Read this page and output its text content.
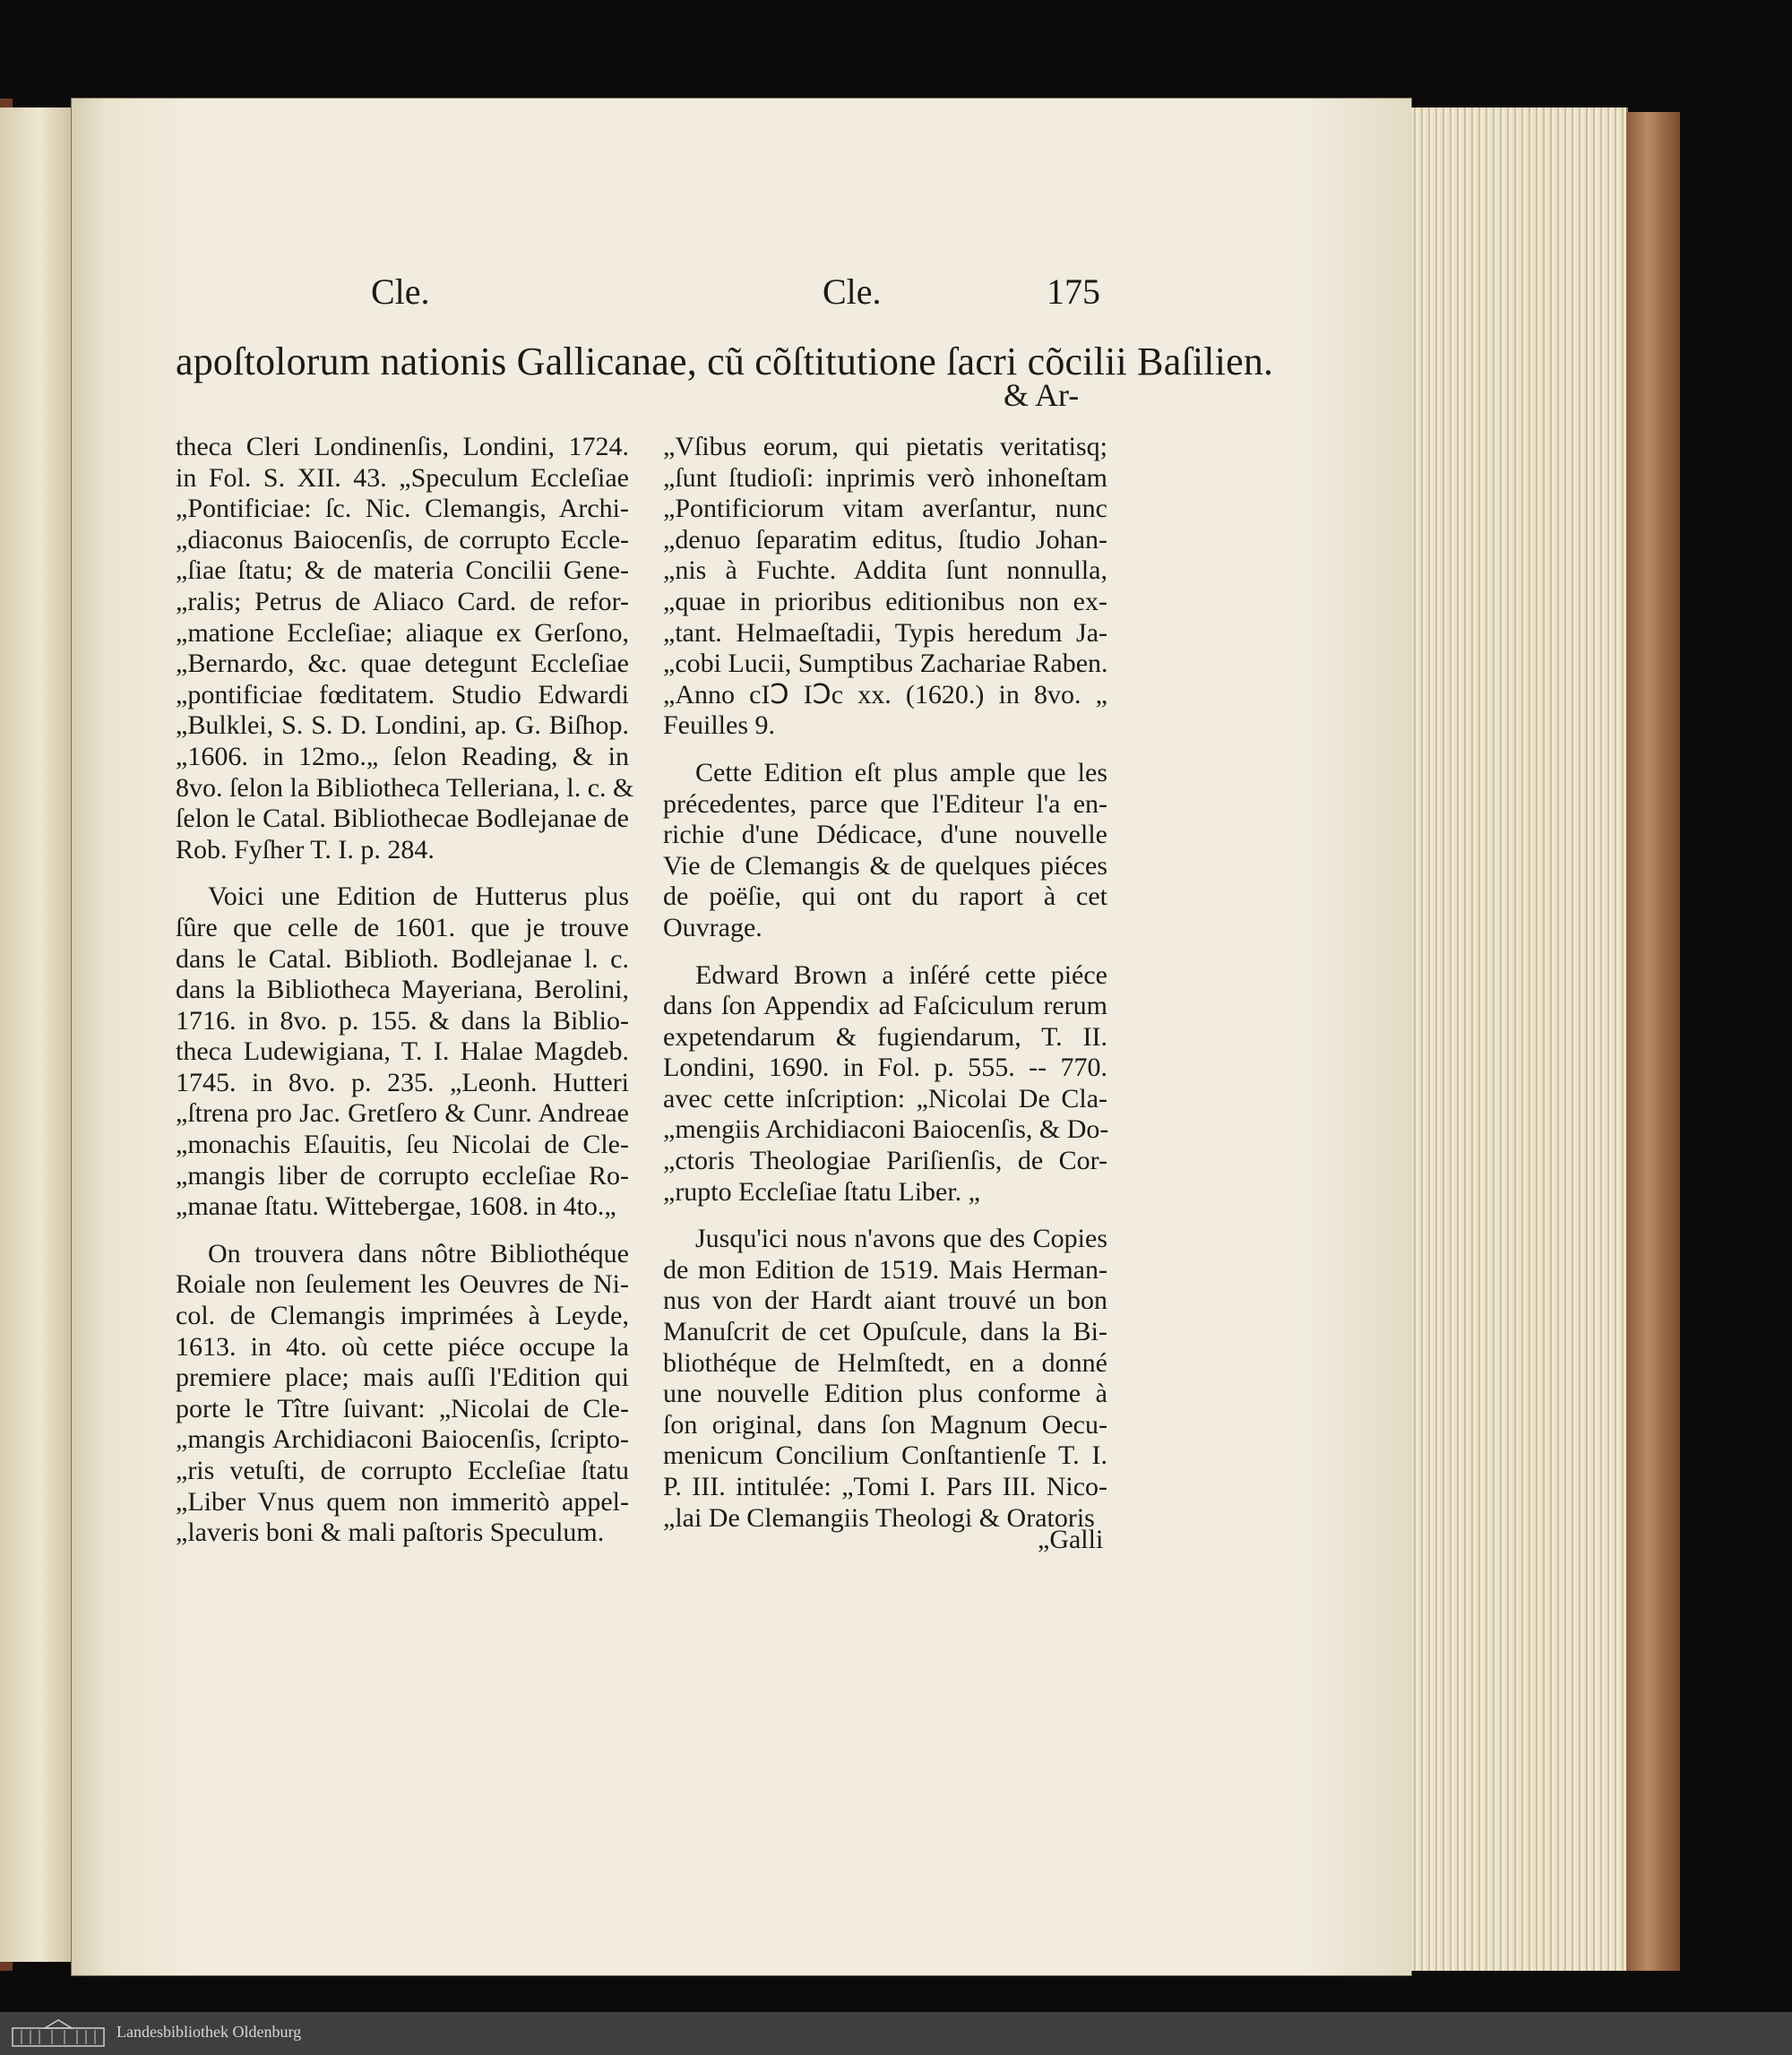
Cle.	Cle.	175
apoſtolorum nationis Gallicanae, cũ cõſtitutione ſacri cõcilii Baſilien.
& Ar-
theca Cleri Londinenſis, Londini, 1724.
in Fol. S. XII. 43. „Speculum Eccleſiae
„Pontificiae: ſc. Nic. Clemangis, Archi-
„diaconus Baiocenſis, de corrupto Eccle-
„ſiae ſtatu; & de materia Concilii Gene-
„ralis; Petrus de Aliaco Card. de refor-
„matione Eccleſiae; aliaque ex Gerſono,
„Bernardo, &c. quae detegunt Eccleſiae
„pontificiae fœditatem. Studio Edwardi
„Bulklei, S. S. D. Londini, ap. G. Biſhop.
„1606. in 12mo.„ ſelon Reading, & in
8vo. ſelon la Bibliotheca Telleriana, l. c. &
ſelon le Catal. Bibliothecae Bodlejanae de
Rob. Fyſher T. I. p. 284.
Voici une Edition de Hutterus plus
ſûre que celle de 1601. que je trouve
dans le Catal. Biblioth. Bodlejanae l. c.
dans la Bibliotheca Mayeriana, Berolini,
1716. in 8vo. p. 155. & dans la Biblio-
theca Ludewigiana, T. I. Halae Magdeb.
1745. in 8vo. p. 235. „Leonh. Hutteri
„ſtrena pro Jac. Gretſero & Cunr. Andreae
„monachis Eſauitis, ſeu Nicolai de Cle-
„mangis liber de corrupto eccleſiae Ro-
„manae ſtatu. Wittebergae, 1608. in 4to.„
On trouvera dans nôtre Bibliothéque
Roiale non ſeulement les Oeuvres de Ni-
col. de Clemangis imprimées à Leyde,
1613. in 4to. où cette piéce occupe la
premiere place; mais auſſi l'Edition qui
porte le Tître ſuivant: „Nicolai de Cle-
„mangis Archidiaconi Baiocenſis, ſcripto-
„ris vetuſti, de corrupto Eccleſiae ſtatu
„Liber Vnus quem non immeritò appel-
„laveris boni & mali paſtoris Speculum.
„Vſibus eorum, qui pietatis veritatisq;
„ſunt ſtudioſi: inprimis verò inhoneſtam
„Pontificiorum vitam averſantur, nunc
„denuo ſeparatim editus, ſtudio Johan-
„nis à Fuchte. Addita ſunt nonnulla,
„quae in prioribus editionibus non ex-
„tant. Helmaeſtadii, Typis heredum Ja-
„cobi Lucii, Sumptibus Zachariae Raben.
„Anno cIↃ IↃc xx. (1620.) in 8vo. „
Feuilles 9.
Cette Edition eſt plus ample que les
précedentes, parce que l'Editeur l'a en-
richie d'une Dédicace, d'une nouvelle
Vie de Clemangis & de quelques piéces
de poëſie, qui ont du raport à cet
Ouvrage.
Edward Brown a inſéré cette piéce
dans ſon Appendix ad Faſciculum rerum
expetendarum & fugiendarum, T. II.
Londini, 1690. in Fol. p. 555. -- 770.
avec cette inſcription: „Nicolai De Cla-
„mengiis Archidiaconi Baiocenſis, & Do-
„ctoris Theologiae Pariſienſis, de Cor-
„rupto Eccleſiae ſtatu Liber. „
Jusqu'ici nous n'avons que des Copies
de mon Edition de 1519. Mais Herman-
nus von der Hardt aiant trouvé un bon
Manuſcrit de cet Opuſcule, dans la Bi-
bliothéque de Helmſtedt, en a donné
une nouvelle Edition plus conforme à
ſon original, dans ſon Magnum Oecu-
menicum Concilium Conſtantienſe T. I.
P. III. intitulée: „Tomi I. Pars III. Nico-
„lai De Clemangiis Theologi & Oratoris
„Galli
Landesbibliothek Oldenburg
